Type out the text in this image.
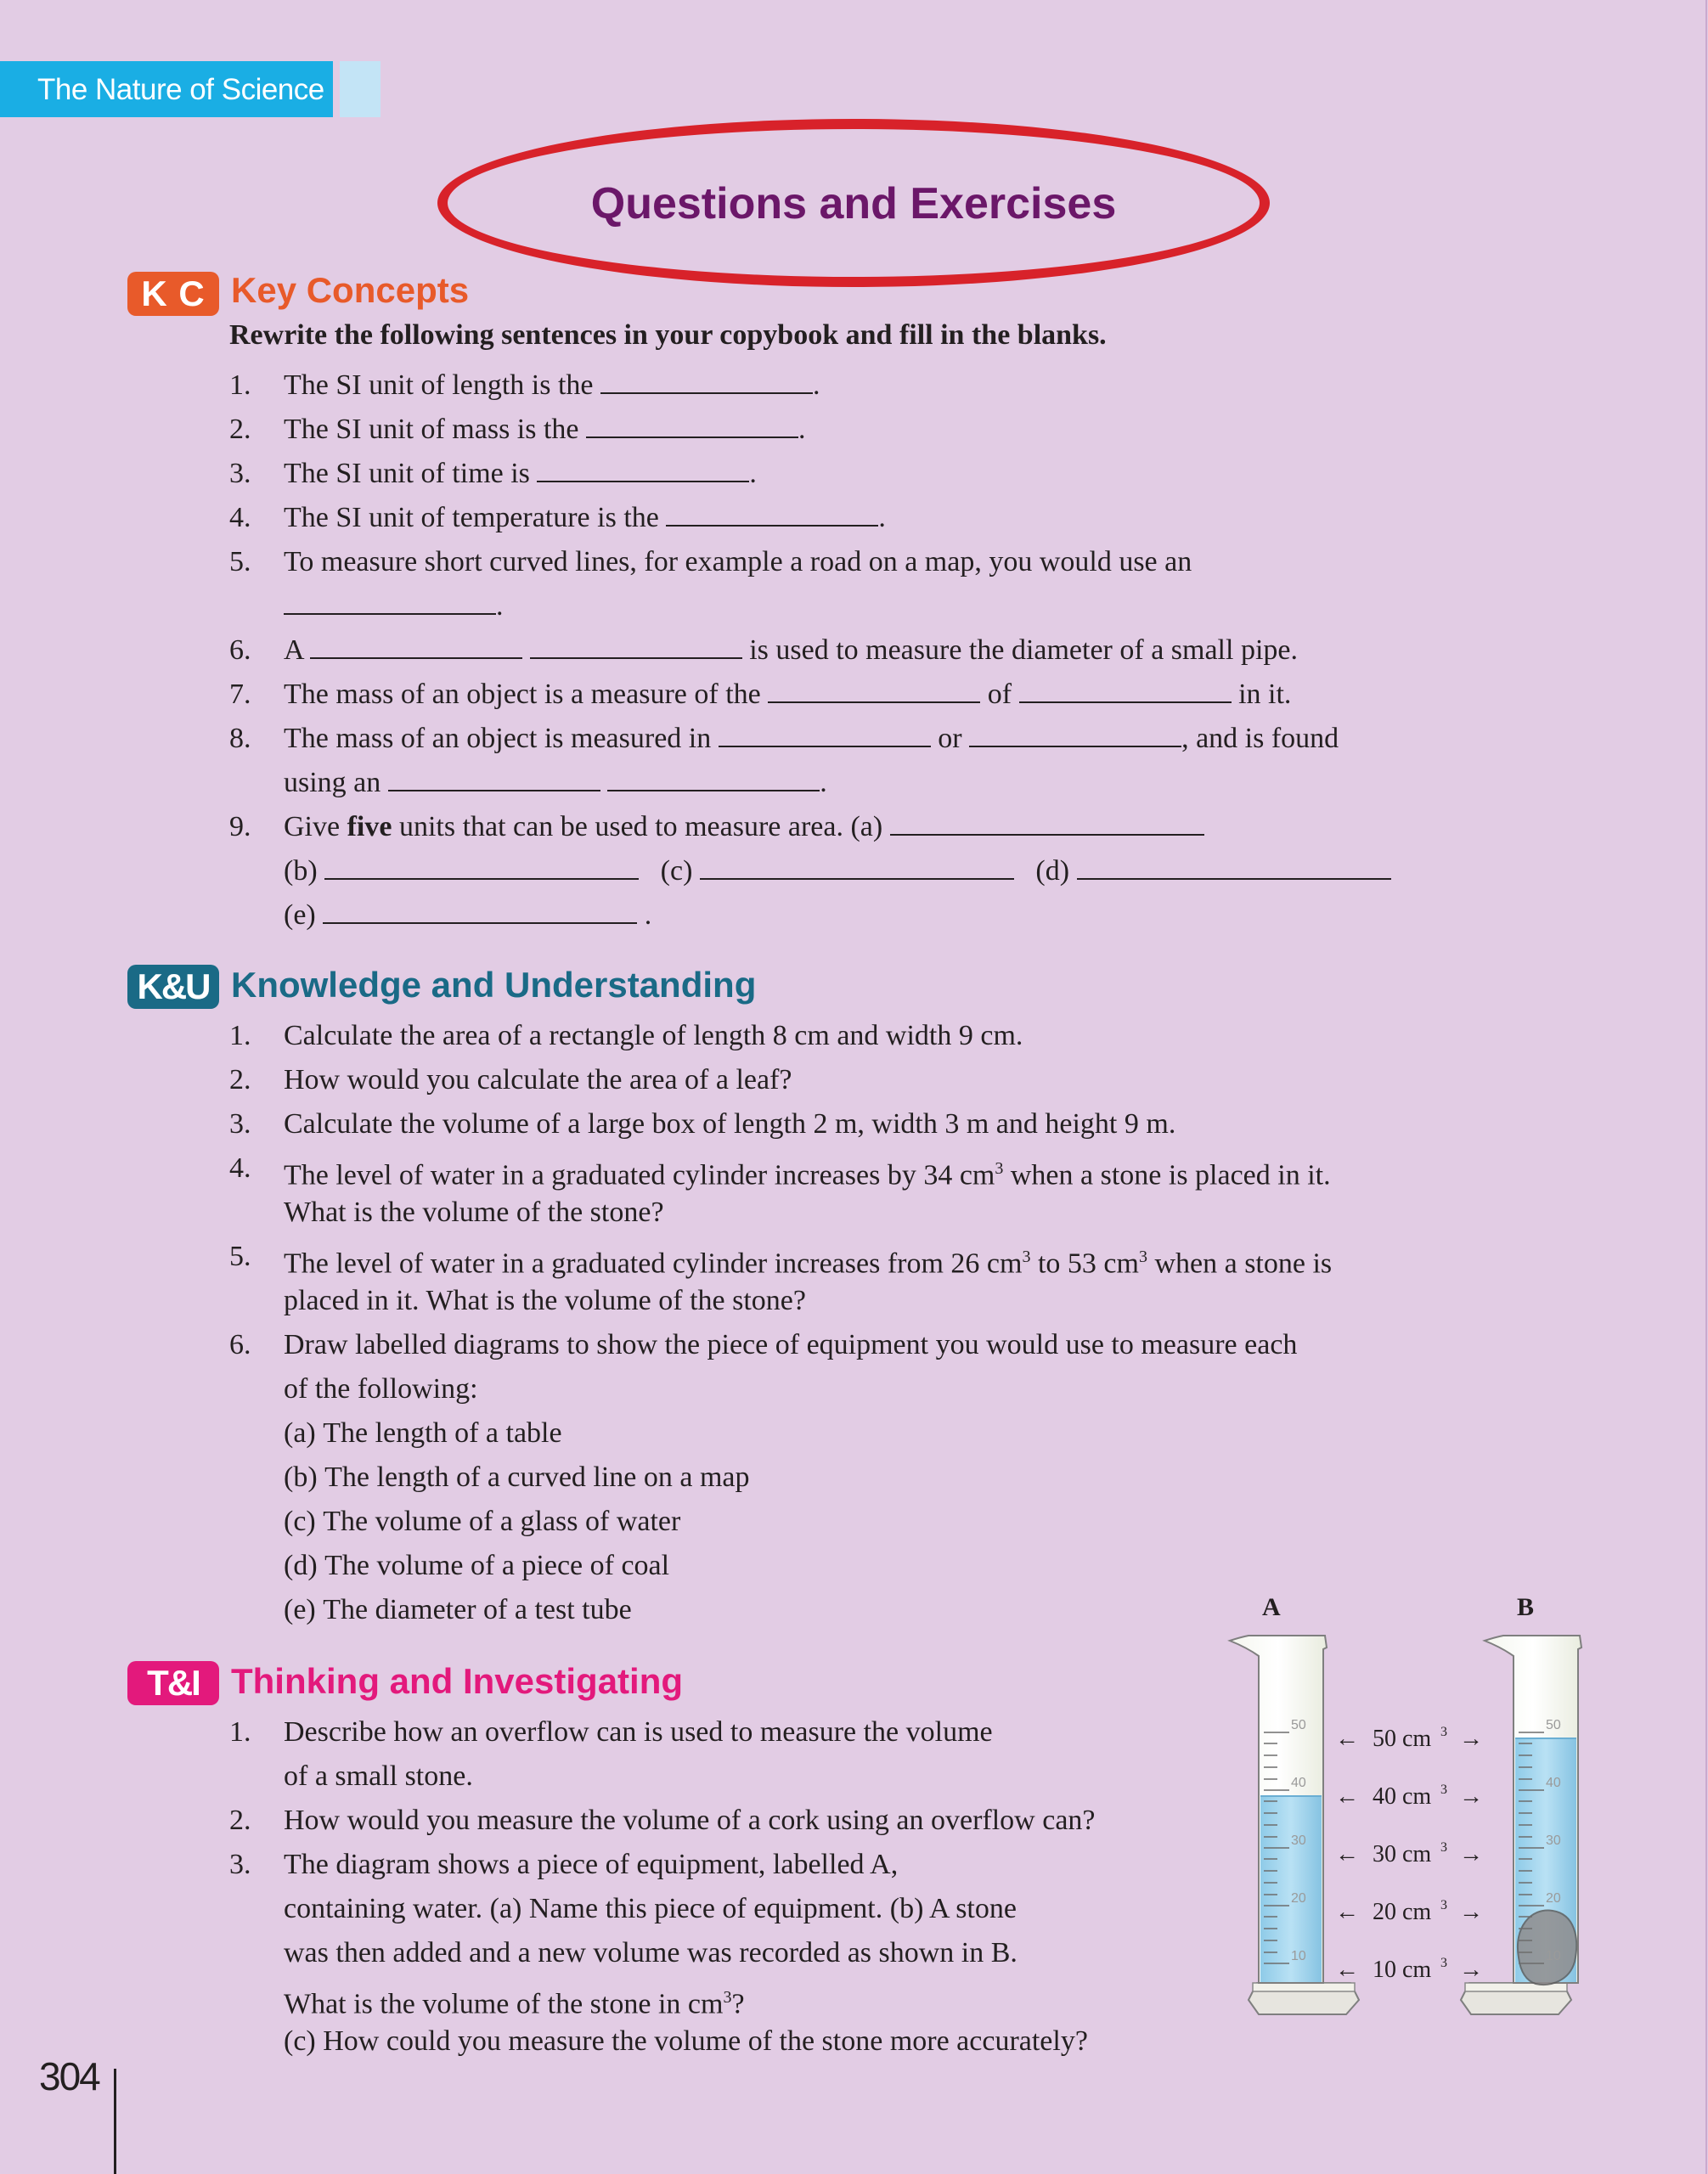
The Nature of Science
Questions and Exercises
K C Key Concepts
Rewrite the following sentences in your copybook and fill in the blanks.
1. The SI unit of length is the	.
2. The SI unit of mass is the	.
3. The SI unit of time is	.
4. The SI unit of temperature is the	.
5. To measure short curved lines, for example a road on a map, you would use an
.
6. A	is used to measure the diameter of a small pipe.
7. The mass of an object is a measure of the	of	in it.
8. The mass of an object is measured in	or	, and is found
using an	.
9. Give five units that can be used to measure area. (a)
(b)	(c)	(d)
(e)	.
K&U Knowledge and Understanding
1. Calculate the area of a rectangle of length 8 cm and width 9 cm.
2. How would you calculate the area of a leaf?
3. Calculate the volume of a large box of length 2 m, width 3 m and height 9 m.
4. The level of water in a graduated cylinder increases by 34 $cm^3$ when a stone is placed in it.
What is the volume of the stone?
5. The level of water in a graduated cylinder increases from 26 $cm^3$ to 53 $cm^3$ when a stone is
placed in it. What is the volume of the stone?
6. Draw labelled diagrams to show the piece of equipment you would use to measure each
of the following:
(a) The length of a table
(b) The length of a curved line on a map
(c) The volume of a glass of water
(d) The volume of a piece of coal
(e) The diameter of a test tube
T&I Thinking and Investigating
1. Describe how an overflow can is used to measure the volume
of a small stone.
2. How would you measure the volume of a cork using an overflow can?
3. The diagram shows a piece of equipment, labelled A,
containing water. (a) Name this piece of equipment. (b) A stone
was then added and a new volume was recorded as shown in B.
What is the volume of the stone in $cm^3$?
(c) How could you measure the volume of the stone more accurately?
A	B
50
40
30
20
10
50
40
30
20
10
← 50 cm 3 →
← 40 cm 3 →
← 30 cm 3 →
← 20 cm 3 →
← 10 cm 3 →
304
